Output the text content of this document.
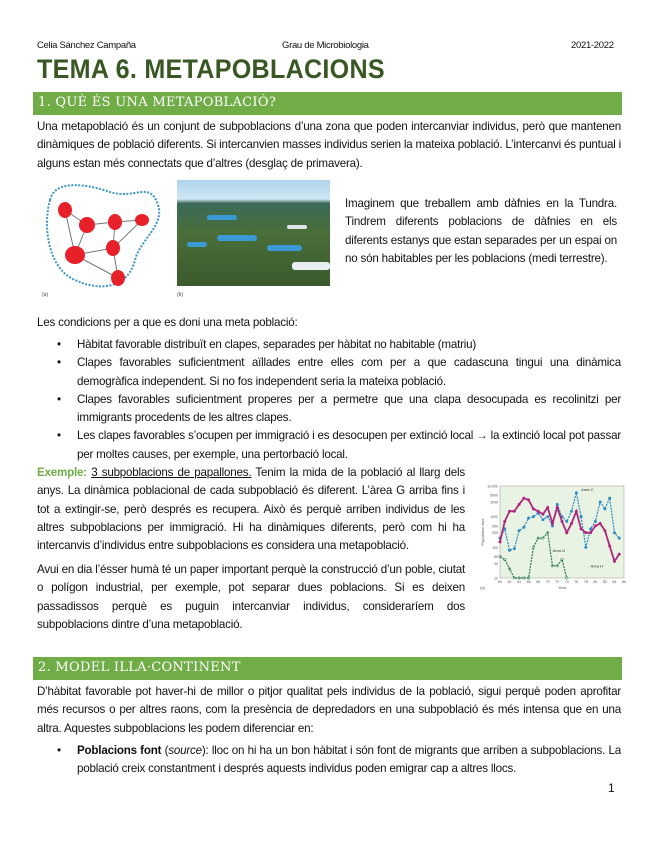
Celia Sánchez Campaña	Grau de Microbiologia	2021-2022
TEMA 6. METAPOBLACIONS
1. QUÈ ÉS UNA METAPOBLACIÓ?
Una metapoblació és un conjunt de subpoblacions d’una zona que poden intercanviar individus, però que mantenen dinàmiques de població diferents. Si intercanvien masses individus serien la mateixa població. L’intercanvi és puntual i alguns estan més connectats que d’altres (desglaç de primavera).
(a)	(b)
Imaginem que treballem amb dàfnies en la Tundra. Tindrem diferents poblacions de dàfnies en els diferents estanys que estan separades per un espai on no són habitables per les poblacions (medi terrestre).
Les condicions per a que es doni una meta població:
• Hàbitat favorable distribuït en clapes, separades per hàbitat no habitable (matriu)
• Clapes favorables suficientment aïllades entre elles com per a que cadascuna tingui una dinàmica demogràfica independent. Si no fos independent seria la mateixa població.
• Clapes favorables suficientment properes per a permetre que una clapa desocupada es recolinitzi per immigrants procedents de les altres clapes.
• Les clapes favorables s’ocupen per immigració i es desocupen per extinció local → la extinció local pot passar per moltes causes, per exemple, una pertorbació local.
Exemple: 3 subpoblacions de papallones. Tenim la mida de la població al llarg dels anys. La dinàmica poblacional de cada subpoblació és diferent. L’àrea G arriba fins i tot a extingir-se, però després es recupera. Això és perquè arriben individus de les altres subpoblacions per immigració. Hi ha dinàmiques diferents, però com hi ha intercanvis d’individus entre subpoblacions es considera una metapoblació.
10
30
50
100
300
500
1000
3000
5000
10,000
60 62 64 66 68 70 72 74 76 78 80 82 84 86
Year
Population size
(a)
Area C
Area H
Area G
Avui en dia l’ésser humà té un paper important perquè la construcció d’un poble, ciutat o polígon industrial, per exemple, pot separar dues poblacions. Si es deixen passadissos perquè es puguin intercanviar individus, consideraríem dos subpoblacions dintre d’una metapoblació.
2. MODEL ILLA·CONTINENT
D’hàbitat favorable pot haver-hi de millor o pitjor qualitat pels individus de la població, sigui perquè poden aprofitar més recursos o per altres raons, com la presència de depredadors en una subpoblació és més intensa que en una altra. Aquestes subpoblacions les podem diferenciar en:
• Poblacions font (source): lloc on hi ha un bon hàbitat i són font de migrants que arriben a subpoblacions. La població creix constantment i després aquests individus poden emigrar cap a altres llocs.
1
